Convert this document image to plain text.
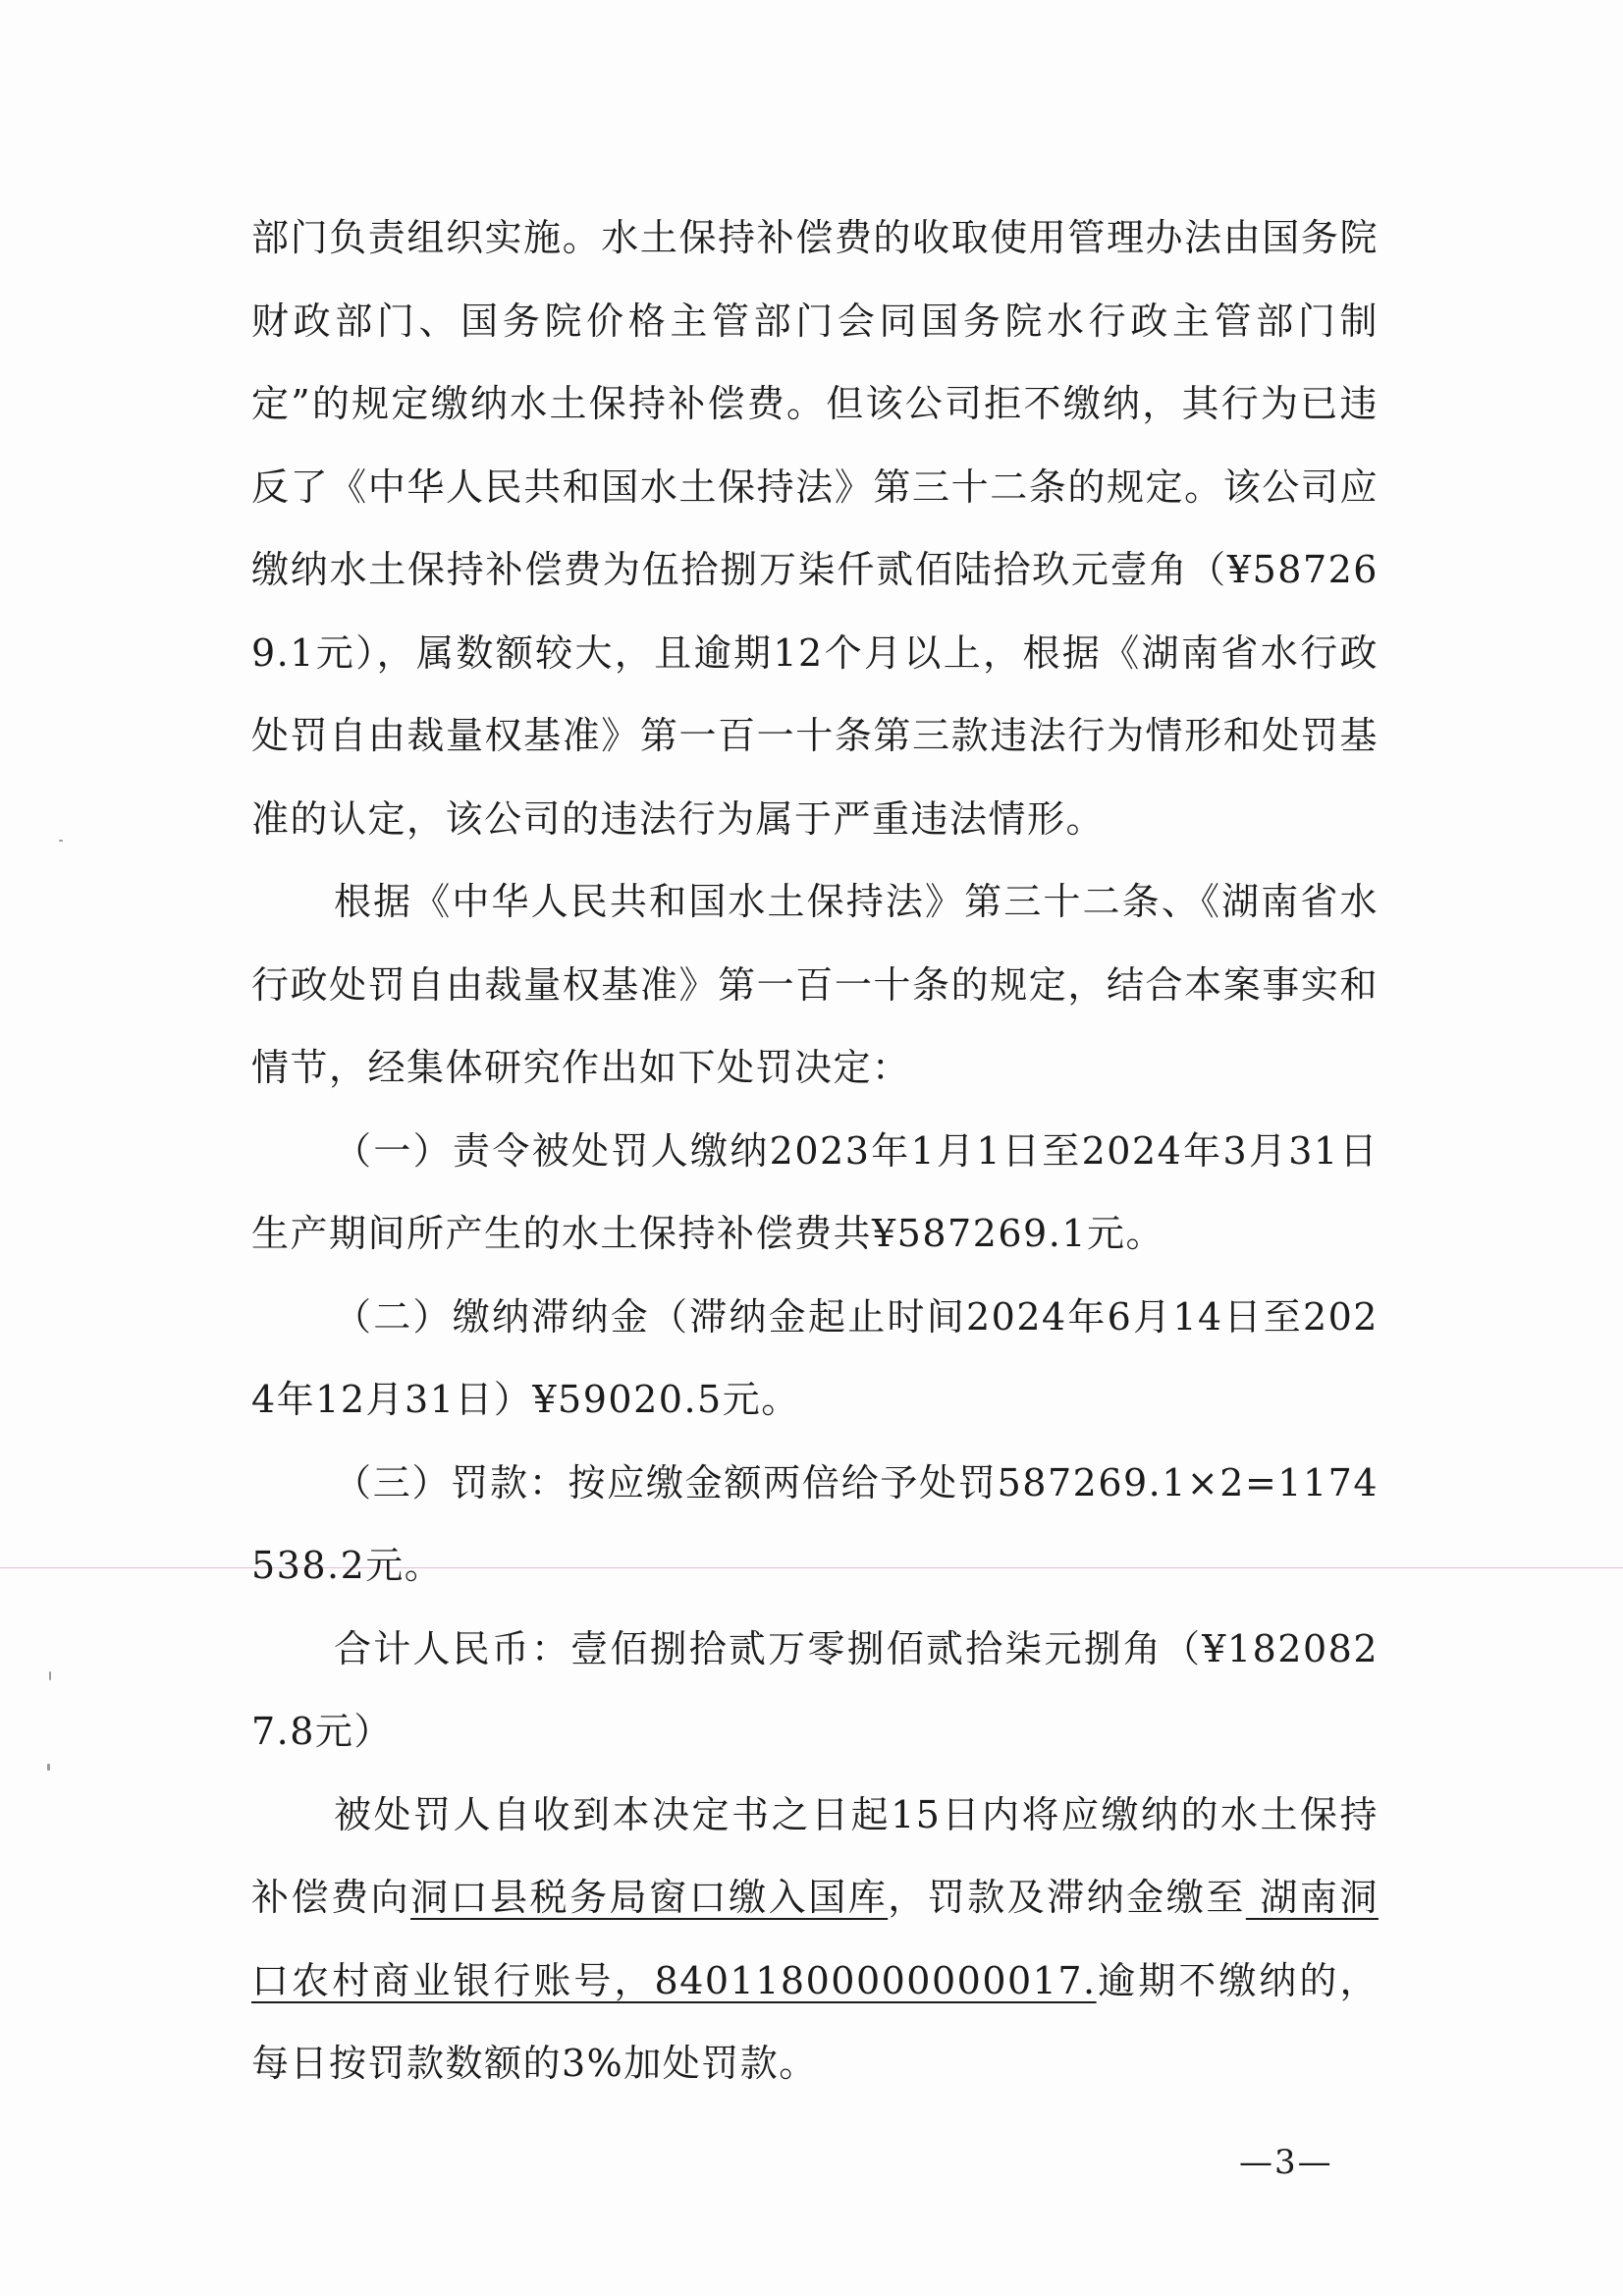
部门负责组织实施。水土保持补偿费的收取使用管理办法由国务院财政部门、国务院价格主管部门会同国务院水行政主管部门制定”的规定缴纳水土保持补偿费。但该公司拒不缴纳，其行为已违反了《中华人民共和国水土保持法》第三十二条的规定。该公司应缴纳水土保持补偿费为伍拾捌万柒仟贰佰陆拾玖元壹角（¥587269.1元），属数额较大，且逾期12个月以上，根据《湖南省水行政处罚自由裁量权基准》第一百一十条第三款违法行为情形和处罚基准的认定，该公司的违法行为属于严重违法情形。

根据《中华人民共和国水土保持法》第三十二条、《湖南省水行政处罚自由裁量权基准》第一百一十条的规定，结合本案事实和情节，经集体研究作出如下处罚决定：

（一）责令被处罚人缴纳2023年1月1日至2024年3月31日生产期间所产生的水土保持补偿费共¥587269.1元。

（二）缴纳滞纳金（滞纳金起止时间2024年6月14日至2024年12月31日）¥59020.5元。

（三）罚款：按应缴金额两倍给予处罚587269.1×2=1174538.2元。

合计人民币：壹佰捌拾贰万零捌佰贰拾柒元捌角（¥1820827.8元）

被处罚人自收到本决定书之日起15日内将应缴纳的水土保持补偿费向洞口县税务局窗口缴入国库，罚款及滞纳金缴至 湖南洞口农村商业银行账号，84011800000000017.逾期不缴纳的，每日按罚款数额的3%加处罚款。

—3—
